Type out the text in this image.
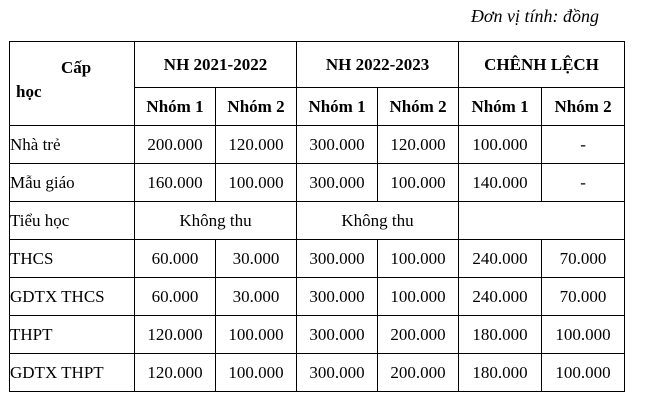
Đơn vị tính: đồng
Cấp
học	NH 2021-2022		NH 2022-2023		CHÊNH LỆCH	
	Nhóm 1	Nhóm 2	Nhóm 1	Nhóm 2	Nhóm 1	Nhóm 2
Nhà trẻ	200.000	120.000	300.000	120.000	100.000	-
Mẫu giáo	160.000	100.000	300.000	100.000	140.000	-
Tiểu học	Không thu		Không thu			
THCS	60.000	30.000	300.000	100.000	240.000	70.000
GDTX THCS	60.000	30.000	300.000	100.000	240.000	70.000
THPT	120.000	100.000	300.000	200.000	180.000	100.000
GDTX THPT	120.000	100.000	300.000	200.000	180.000	100.000
